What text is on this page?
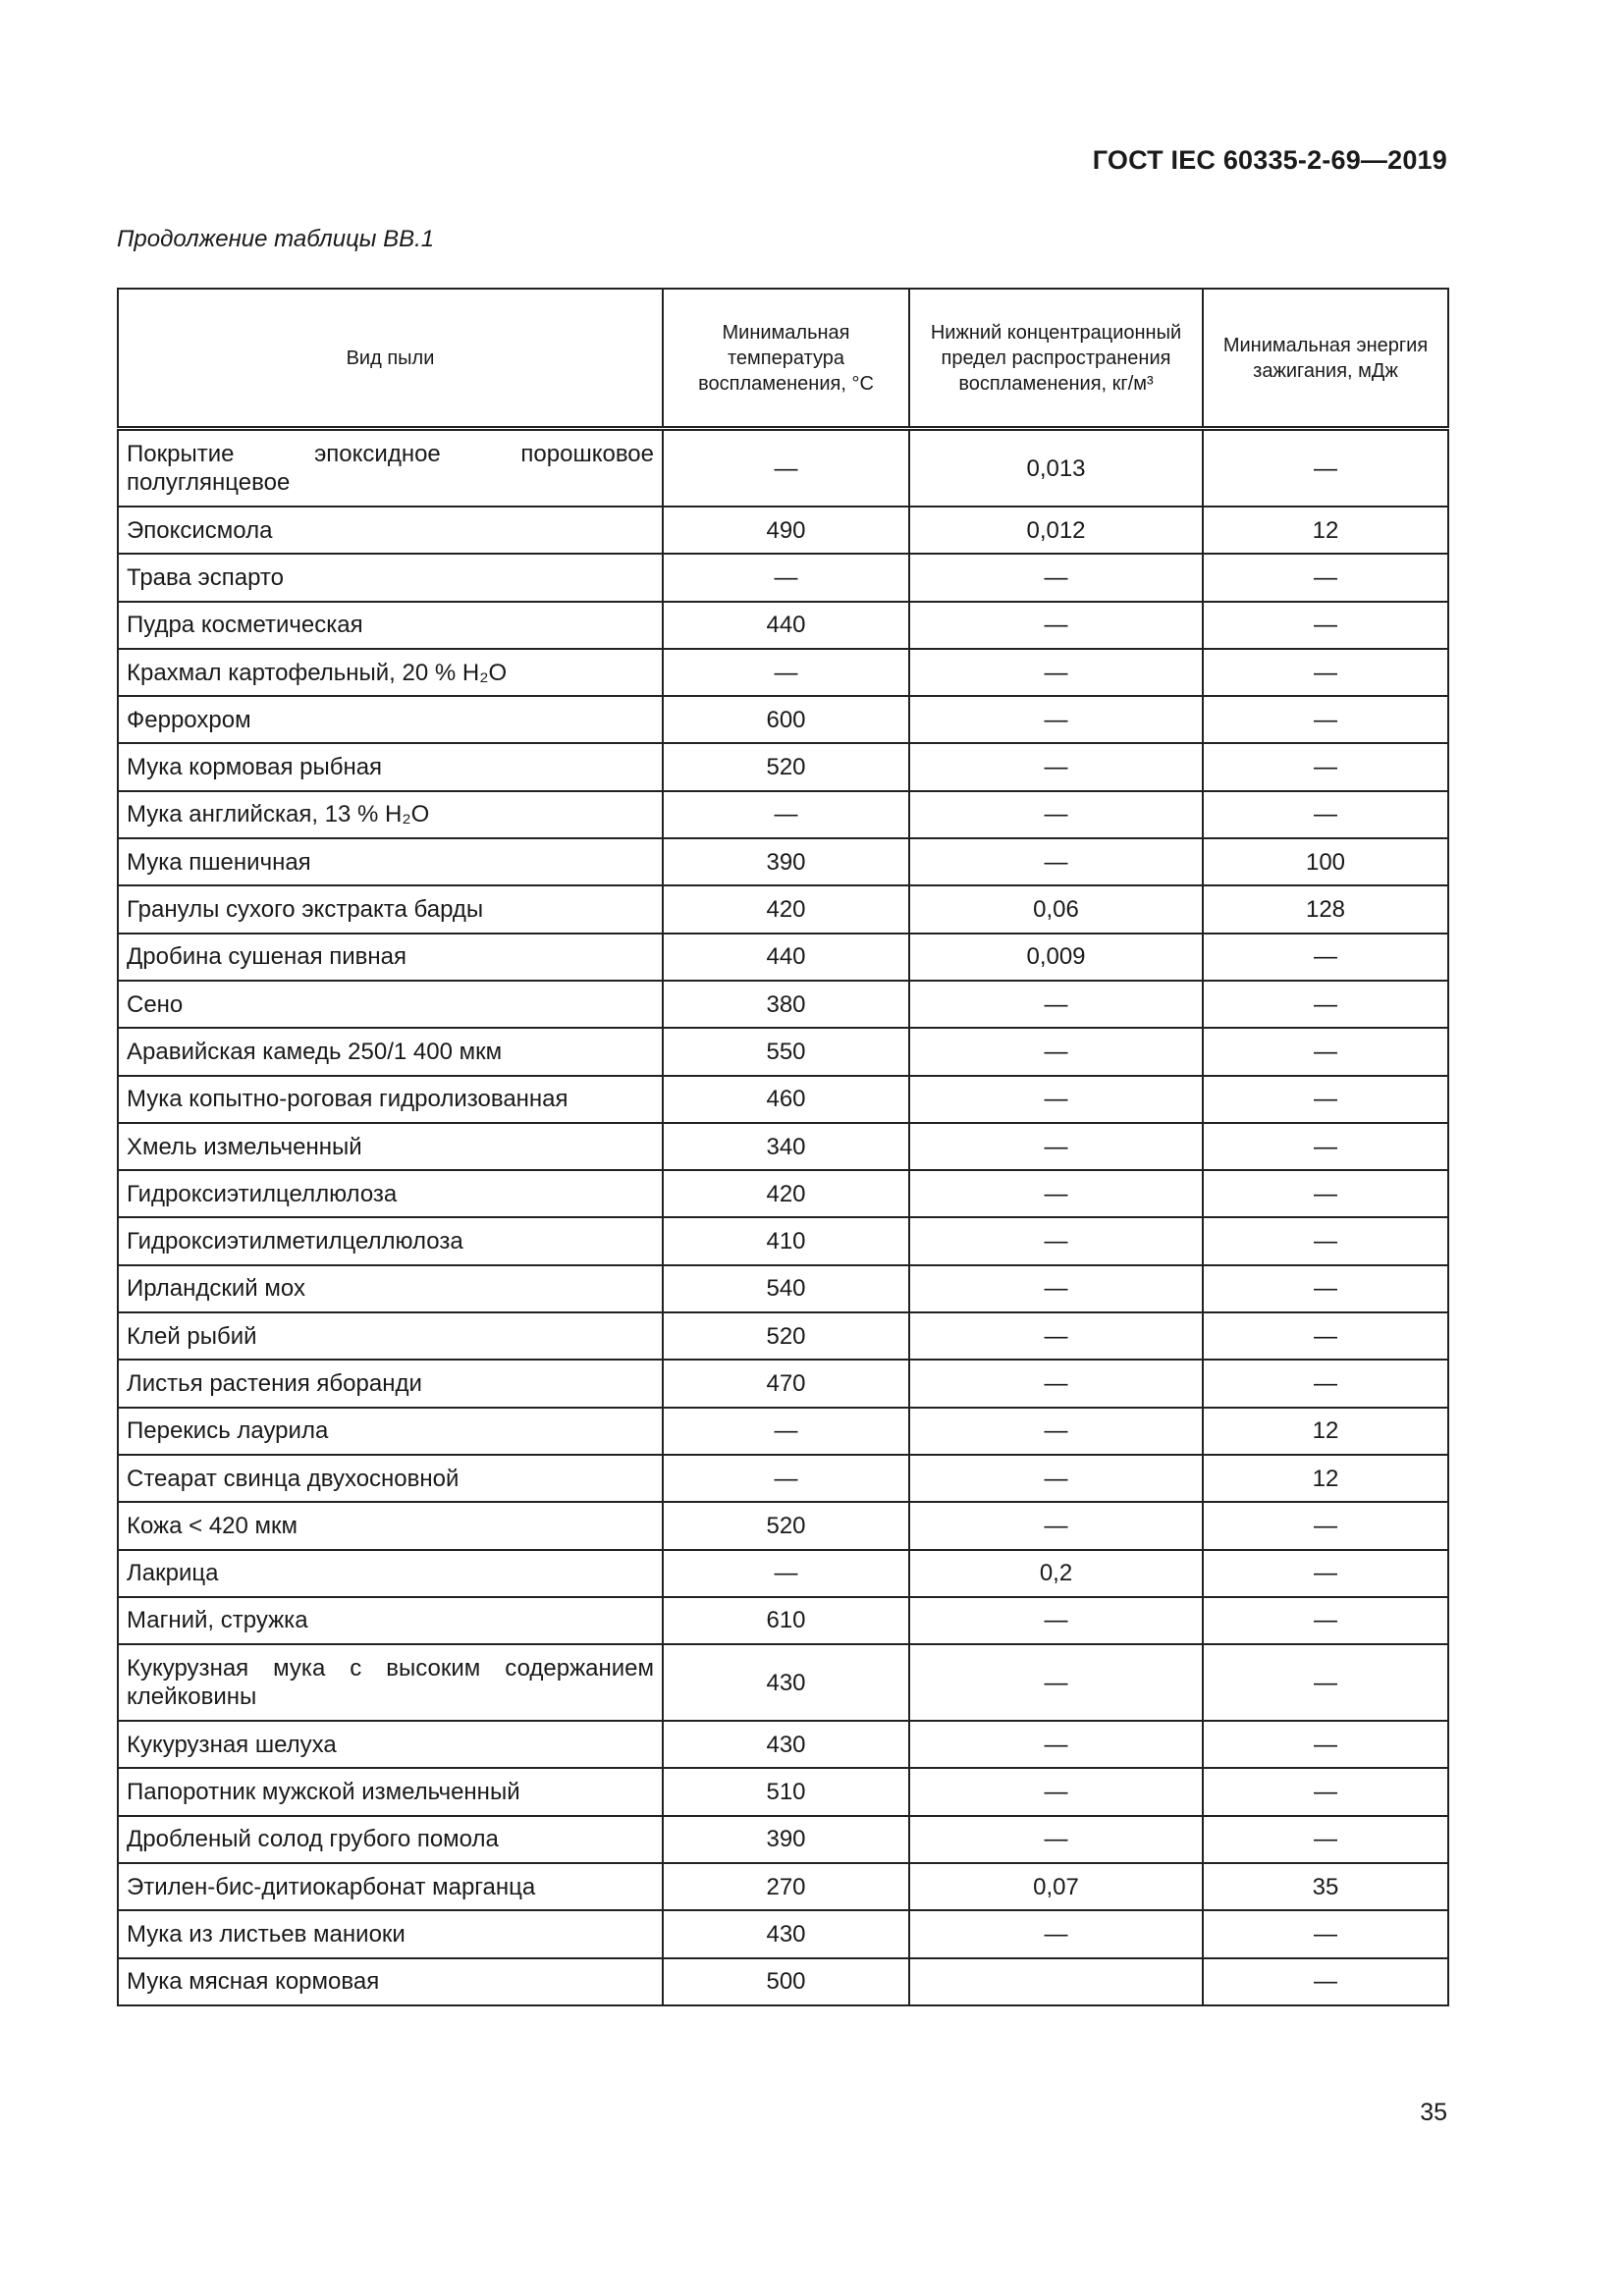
ГОСТ IEC 60335-2-69—2019
Продолжение таблицы ВВ.1
Вид пыли	Минимальная температура воспламенения, °С	Нижний концентрационный предел распространения воспламенения, кг/м³	Минимальная энергия зажигания, мДж
Покрытие эпоксидное порошковое полуглянцевое	—	0,013	—
Эпоксисмола	490	0,012	12
Трава эспарто	—	—	—
Пудра косметическая	440	—	—
Крахмал картофельный, 20 % H₂O	—	—	—
Феррохром	600	—	—
Мука кормовая рыбная	520	—	—
Мука английская, 13 % H₂O	—	—	—
Мука пшеничная	390	—	100
Гранулы сухого экстракта барды	420	0,06	128
Дробина сушеная пивная	440	0,009	—
Сено	380	—	—
Аравийская камедь 250/1 400 мкм	550	—	—
Мука копытно-роговая гидролизованная	460	—	—
Хмель измельченный	340	—	—
Гидроксиэтилцеллюлоза	420	—	—
Гидроксиэтилметилцеллюлоза	410	—	—
Ирландский мох	540	—	—
Клей рыбий	520	—	—
Листья растения яборанди	470	—	—
Перекись лаурила	—	—	12
Стеарат свинца двухосновной	—	—	12
Кожа < 420 мкм	520	—	—
Лакрица	—	0,2	—
Магний, стружка	610	—	—
Кукурузная мука с высоким содержанием клейковины	430	—	—
Кукурузная шелуха	430	—	—
Папоротник мужской измельченный	510	—	—
Дробленый солод грубого помола	390	—	—
Этилен-бис-дитиокарбонат марганца	270	0,07	35
Мука из листьев маниоки	430	—	—
Мука мясная кормовая	500		—
35
